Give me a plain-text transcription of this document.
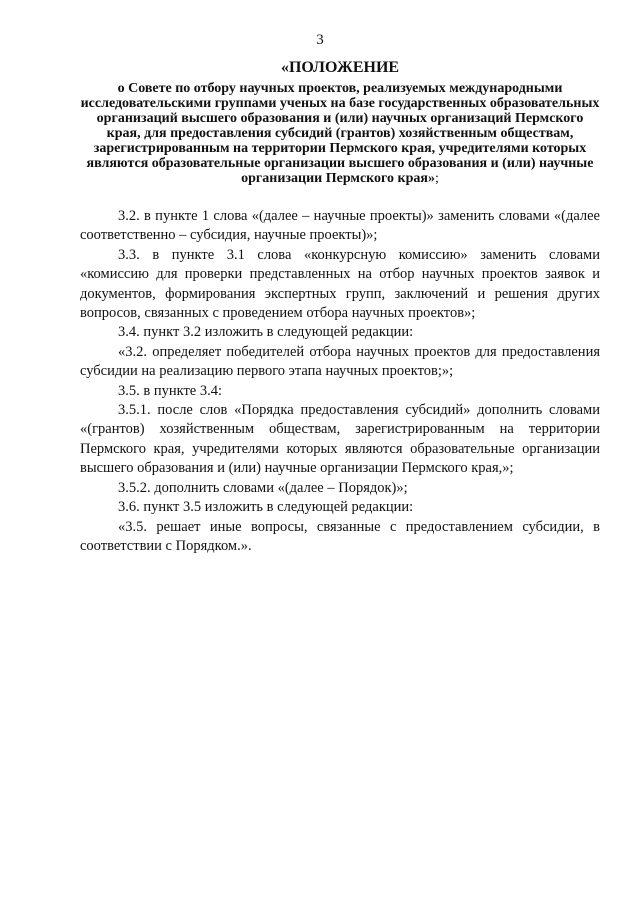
3

«ПОЛОЖЕНИЕ

о Совете по отбору научных проектов, реализуемых международными исследовательскими группами ученых на базе государственных образовательных организаций высшего образования и (или) научных организаций Пермского края, для предоставления субсидий (грантов) хозяйственным обществам, зарегистрированным на территории Пермского края, учредителями которых являются образовательные организации высшего образования и (или) научные организации Пермского края»;

3.2. в пункте 1 слова «(далее – научные проекты)» заменить словами «(далее соответственно – субсидия, научные проекты)»;

3.3. в пункте 3.1 слова «конкурсную комиссию» заменить словами «комиссию для проверки представленных на отбор научных проектов заявок и документов, формирования экспертных групп, заключений и решения других вопросов, связанных с проведением отбора научных проектов»;

3.4. пункт 3.2 изложить в следующей редакции:

«3.2. определяет победителей отбора научных проектов для предоставления субсидии на реализацию первого этапа научных проектов;»;

3.5. в пункте 3.4:

3.5.1. после слов «Порядка предоставления субсидий» дополнить словами «(грантов) хозяйственным обществам, зарегистрированным на территории Пермского края, учредителями которых являются образовательные организации высшего образования и (или) научные организации Пермского края,»;

3.5.2. дополнить словами «(далее – Порядок)»;

3.6. пункт 3.5 изложить в следующей редакции:

«3.5. решает иные вопросы, связанные с предоставлением субсидии, в соответствии с Порядком.».
